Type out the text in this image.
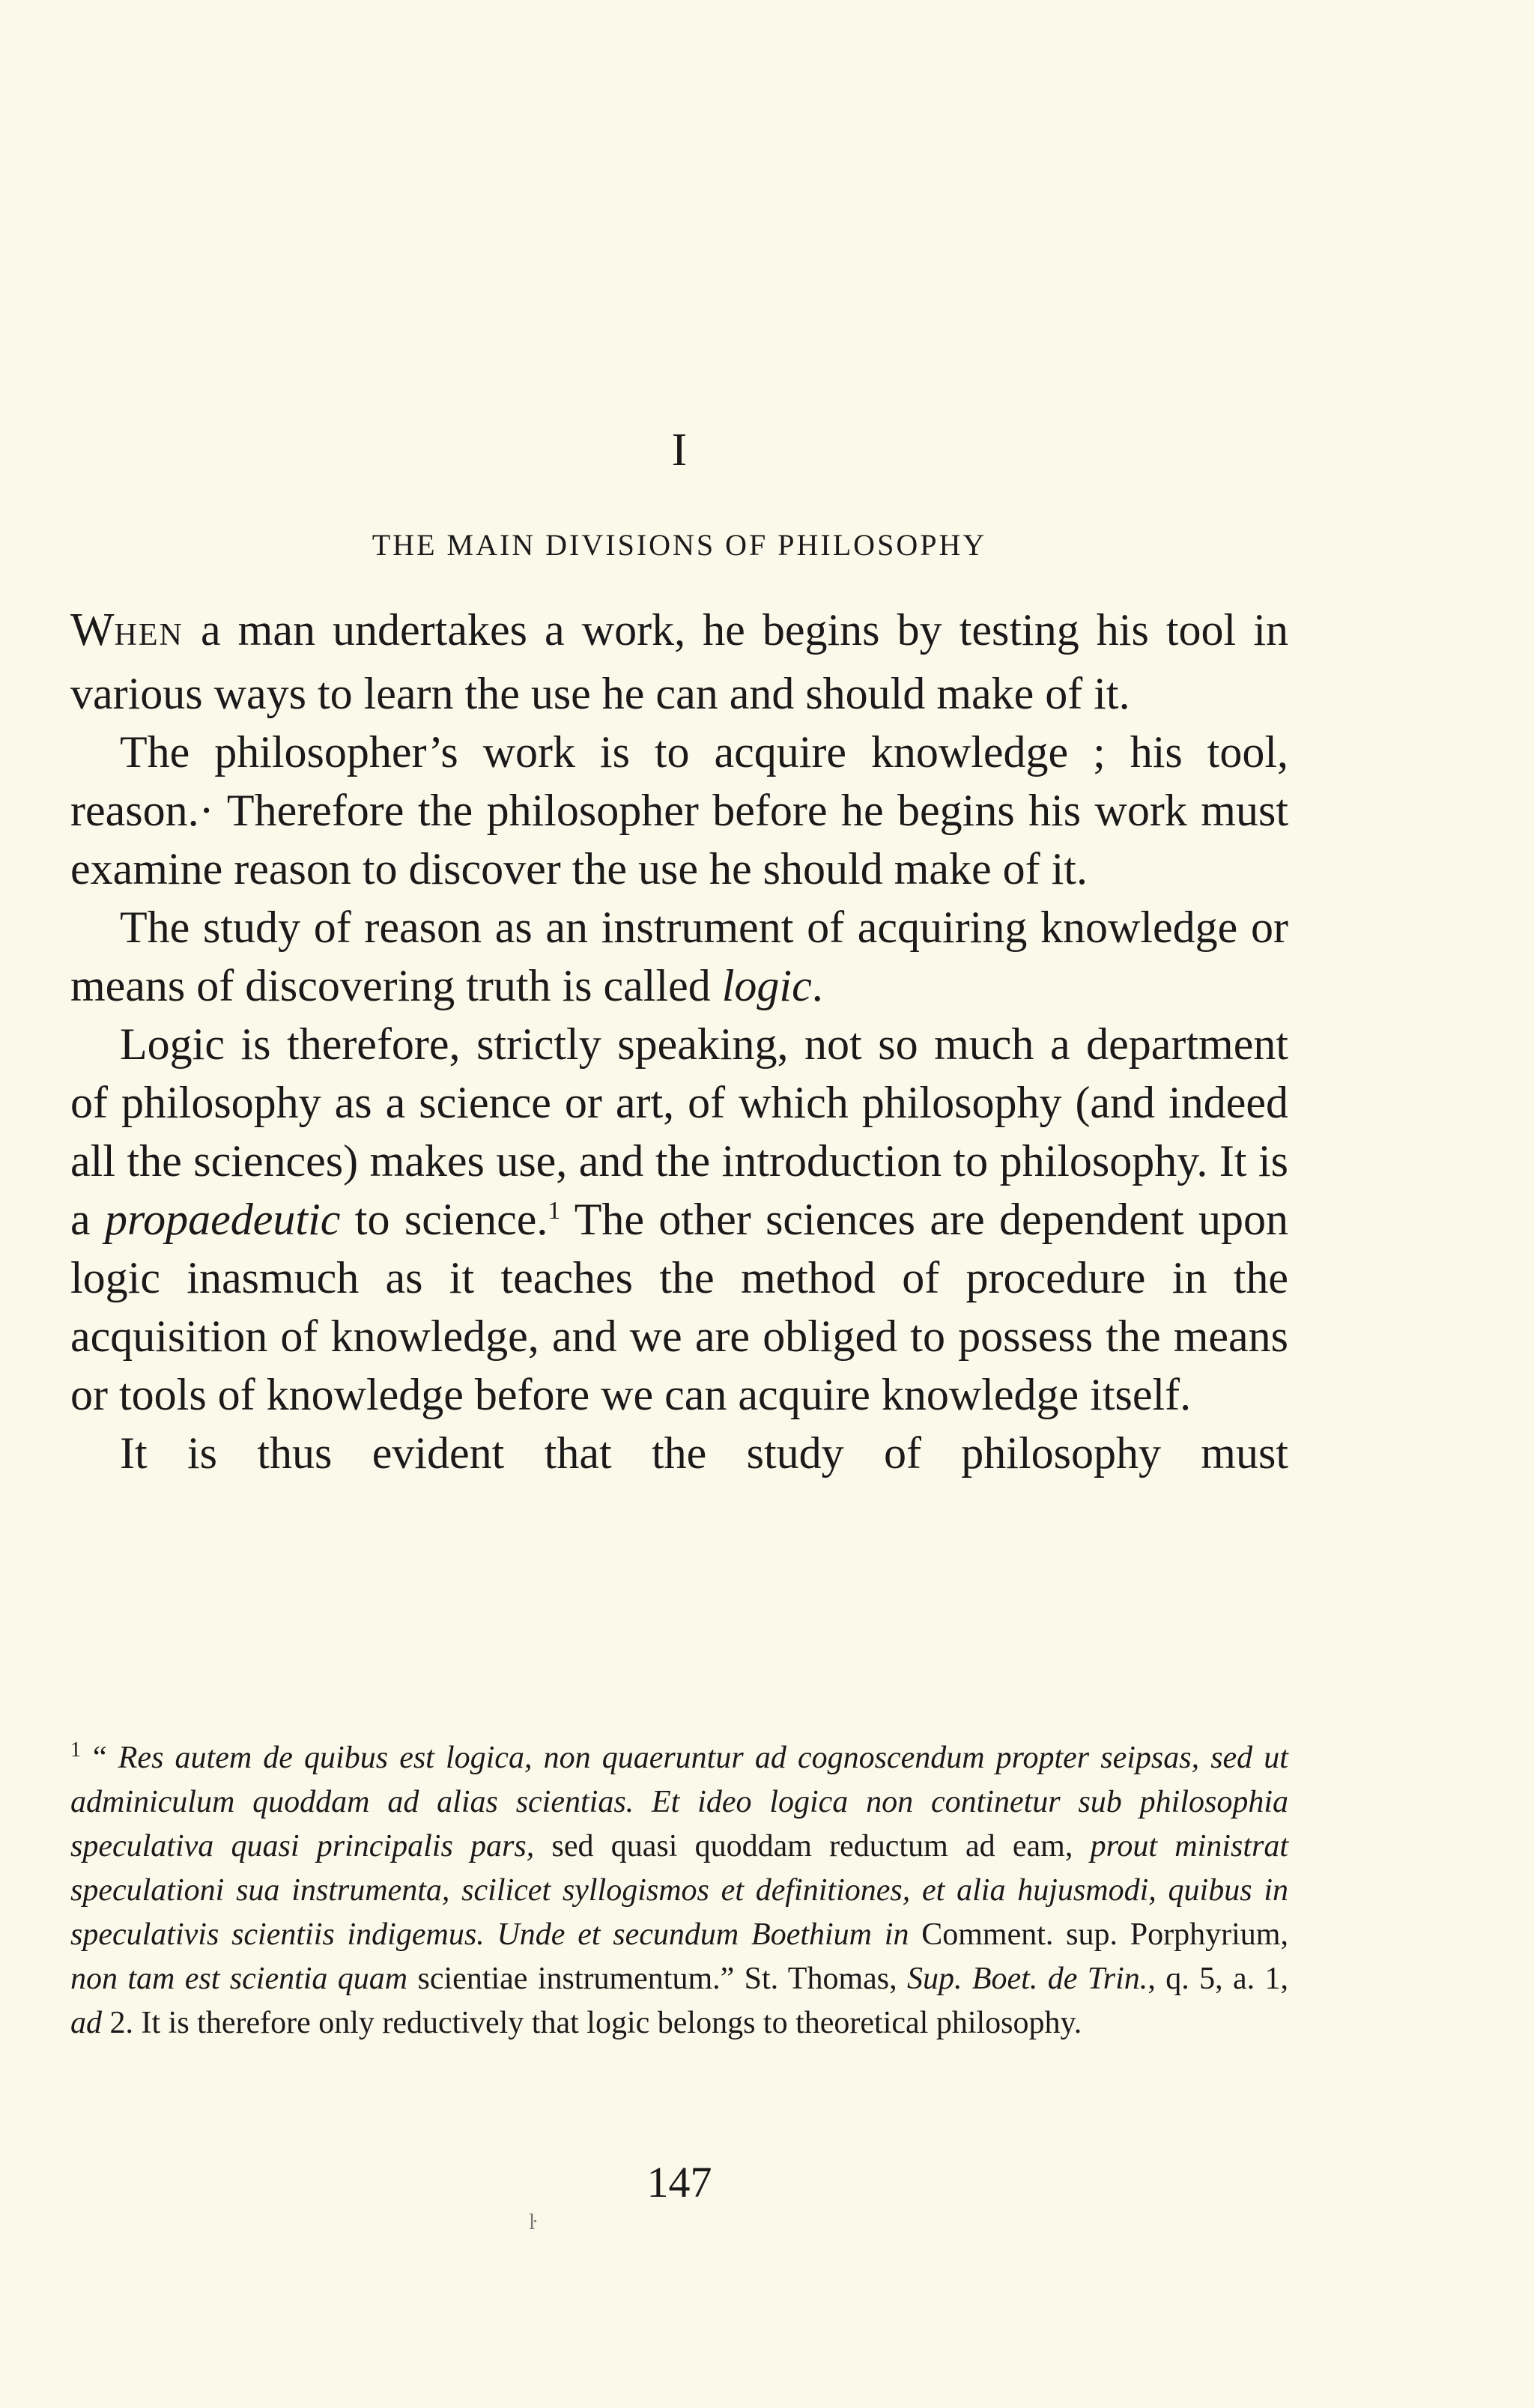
I
THE MAIN DIVISIONS OF PHILOSOPHY

WHEN a man undertakes a work, he begins by testing his tool in various ways to learn the use he can and should make of it.

The philosopher’s work is to acquire knowledge ; his tool, reason.· Therefore the philosopher before he begins his work must examine reason to discover the use he should make of it.

The study of reason as an instrument of acquiring knowledge or means of discovering truth is called logic.

Logic is therefore, strictly speaking, not so much a department of philosophy as a science or art, of which philosophy (and indeed all the sciences) makes use, and the introduction to philosophy. It is a propaedeutic to science.$^1$ The other sciences are dependent upon logic inasmuch as it teaches the method of procedure in the acquisition of knowledge, and we are obliged to possess the means or tools of knowledge before we can acquire knowledge itself.

It is thus evident that the study of philosophy must

$^1$ “ Res autem de quibus est logica, non quaeruntur ad cognoscendum propter seipsas, sed ut adminiculum quoddam ad alias scientias. Et ideo logica non continetur sub philosophia speculativa quasi principalis pars, sed quasi quoddam reductum ad eam, prout ministrat speculationi sua instrumenta, scilicet syllogismos et definitiones, et alia hujusmodi, quibus in speculativis scientiis indigemus. Unde et secundum Boethium in Comment. sup. Porphyrium, non tam est scientia quam scientiae instrumentum.” St. Thomas, Sup. Boet. de Trin., q. 5, a. 1, ad 2. It is therefore only reductively that logic belongs to theoretical philosophy.

147
ŀ
